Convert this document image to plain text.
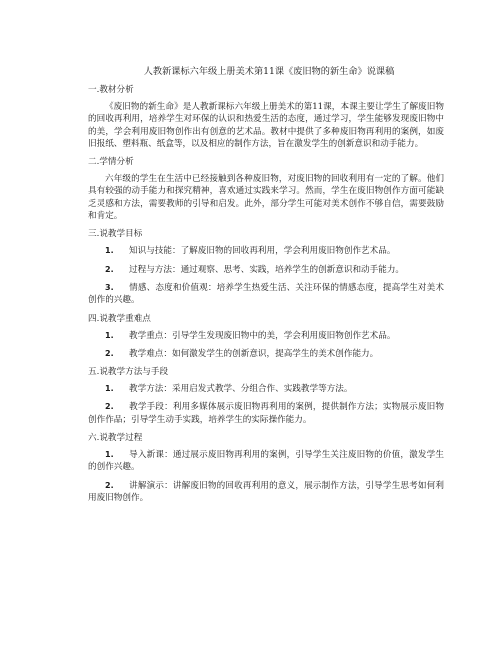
人教新课标六年级上册美术第11课《废旧物的新生命》说课稿
一.教材分析

《废旧物的新生命》是人教新课标六年级上册美术的第11课，本课主要让学生了解废旧物的回收再利用，培养学生对环保的认识和热爱生活的态度，通过学习，学生能够发现废旧物中的美，学会利用废旧物创作出有创意的艺术品。教材中提供了多种废旧物再利用的案例，如废旧报纸、塑料瓶、纸盒等，以及相应的制作方法，旨在激发学生的创新意识和动手能力。

二.学情分析

六年级的学生在生活中已经接触到各种废旧物，对废旧物的回收利用有一定的了解。他们具有较强的动手能力和探究精神，喜欢通过实践来学习。然而，学生在废旧物创作方面可能缺乏灵感和方法，需要教师的引导和启发。此外，部分学生可能对美术创作不够自信，需要鼓励和肯定。

三.说教学目标

1. 知识与技能：了解废旧物的回收再利用，学会利用废旧物创作艺术品。

2. 过程与方法：通过观察、思考、实践，培养学生的创新意识和动手能力。

3. 情感、态度和价值观：培养学生热爱生活、关注环保的情感态度，提高学生对美术创作的兴趣。

四.说教学重难点

1. 教学重点：引导学生发现废旧物中的美，学会利用废旧物创作艺术品。

2. 教学难点：如何激发学生的创新意识，提高学生的美术创作能力。

五.说教学方法与手段

1. 教学方法：采用启发式教学、分组合作、实践教学等方法。

2. 教学手段：利用多媒体展示废旧物再利用的案例，提供制作方法；实物展示废旧物创作作品；引导学生动手实践，培养学生的实际操作能力。

六.说教学过程

1. 导入新课：通过展示废旧物再利用的案例，引导学生关注废旧物的价值，激发学生的创作兴趣。

2. 讲解演示：讲解废旧物的回收再利用的意义，展示制作方法，引导学生思考如何利用废旧物创作。
